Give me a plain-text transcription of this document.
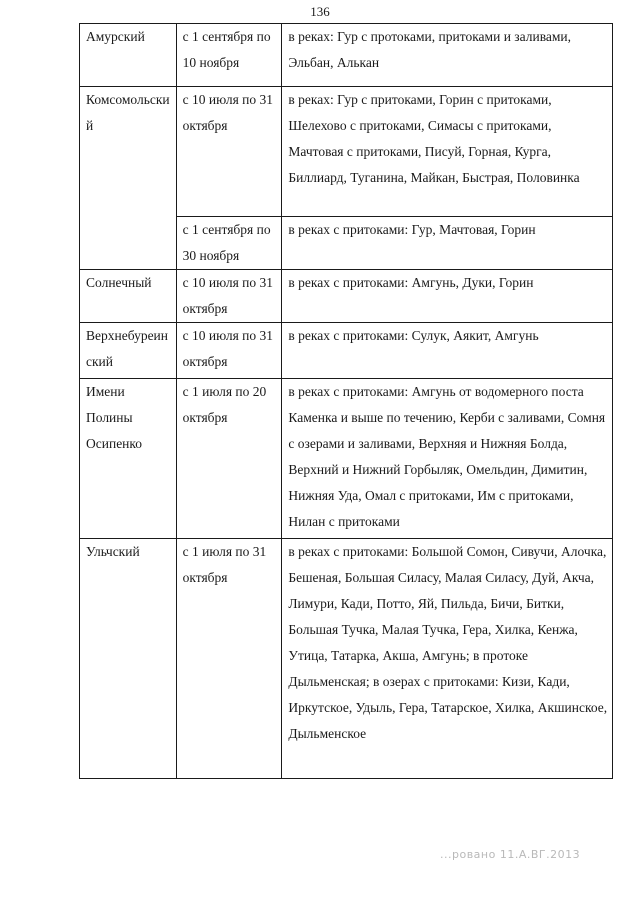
136
Амурский	с 1 сентября по 10 ноября	в реках: Гур с протоками, притоками и заливами, Эльбан, Алькан
Комсомольский	с 10 июля по 31 октября	в реках: Гур с притоками, Горин с притоками, Шелехово с притоками, Симасы с притоками, Мачтовая с притоками, Писуй, Горная, Курга, Биллиард, Туганина, Майкан, Быстрая, Половинка
	с 1 сентября по 30 ноября	в реках с притоками: Гур, Мачтовая, Горин
Солнечный	с 10 июля по 31 октября	в реках с притоками: Амгунь, Дуки, Горин
Верхнебуреинский	с 10 июля по 31 октября	в реках с притоками: Сулук, Аякит, Амгунь
Имени Полины Осипенко	с 1 июля по 20 октября	в реках с притоками: Амгунь от водомерного поста Каменка и выше по течению, Керби с заливами, Сомня с озерами и заливами, Верхняя и Нижняя Болда, Верхний и Нижний Горбыляк, Омельдин, Димитин, Нижняя Уда, Омал с притоками, Им с притоками, Нилан с притоками
Ульчский	с 1 июля по 31 октября	в реках с притоками: Большой Сомон, Сивучи, Алочка, Бешеная, Большая Силасу, Малая Силасу, Дуй, Акча, Лимури, Кади, Потто, Яй, Пильда, Бичи, Битки, Большая Тучка, Малая Тучка, Гера, Хилка, Кенжа, Утица, Татарка, Акша, Амгунь; в протоке Дыльменская; в озерах с притоками: Кизи, Кади, Иркутское, Удыль, Гера, Татарское, Хилка, Акшинское, Дыльменское
...ровано 11.А.ВГ.2013
